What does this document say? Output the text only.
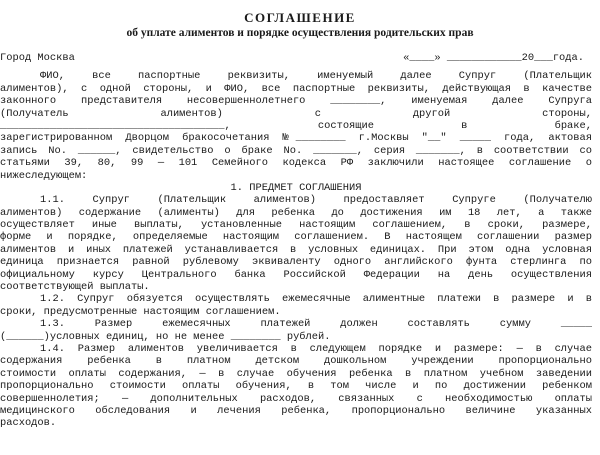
СОГЛАШЕНИЕ
об уплате алиментов и порядке осуществления родительских прав
Город Москва	«____» ____________20___года.
ФИО, все паспортные реквизиты, именуемый далее Супруг (Плательщик
алиментов), с одной стороны, и ФИО, все паспортные реквизиты, действующая в качестве
законного представителя несовершеннолетнего ________, именуемая далее Супруга
(Получатель            алиментов)            с            другой            стороны,
____________________________________,            состоящие            в            браке,
зарегистрированном Дворцом бракосочетания №________ г.Москвы "__" _____ года, актовая
запись No. ______, свидетельство о браке No. _______, серия _______, в соответствии со
статьями 39, 80, 99 — 101 Семейного кодекса РФ заключили настоящее соглашение о
нижеследующем:
1. ПРЕДМЕТ СОГЛАШЕНИЯ
1.1. Супруг (Плательщик алиментов) предоставляет Супруге (Получателю
алиментов) содержание (алименты) для ребенка до достижения им 18 лет, а также
осуществляет иные выплаты, установленные настоящим соглашением, в сроки, размере,
форме и порядке, определяемые настоящим соглашением. В настоящем соглашении размер
алиментов и иных платежей устанавливается в условных единицах. При этом одна условная
единица признается равной рублевому эквиваленту одного английского фунта стерлинга по
официальному курсу Центрального банка Российской Федерации на день осуществления
соответствующей выплаты.
1.2. Супруг обязуется осуществлять ежемесячные алиментные платежи в размере и в
сроки, предусмотренные настоящим соглашением.
1.3.    Размер    ежемесячных    платежей    должен    составлять    сумму    _____
(______)условных единиц, но не менее ________ рублей.
1.4. Размер алиментов увеличивается в следующем порядке и размере: — в случае
содержания ребенка в платном детском дошкольном учреждении пропорционально
стоимости оплаты содержания, — в случае обучения ребенка в платном учебном заведении
пропорционально стоимости оплаты обучения, в том числе и по достижении ребенком
совершеннолетия; — дополнительных расходов, связанных с необходимостью оплаты
медицинского обследования и лечения ребенка, пропорционально величине указанных
расходов.
